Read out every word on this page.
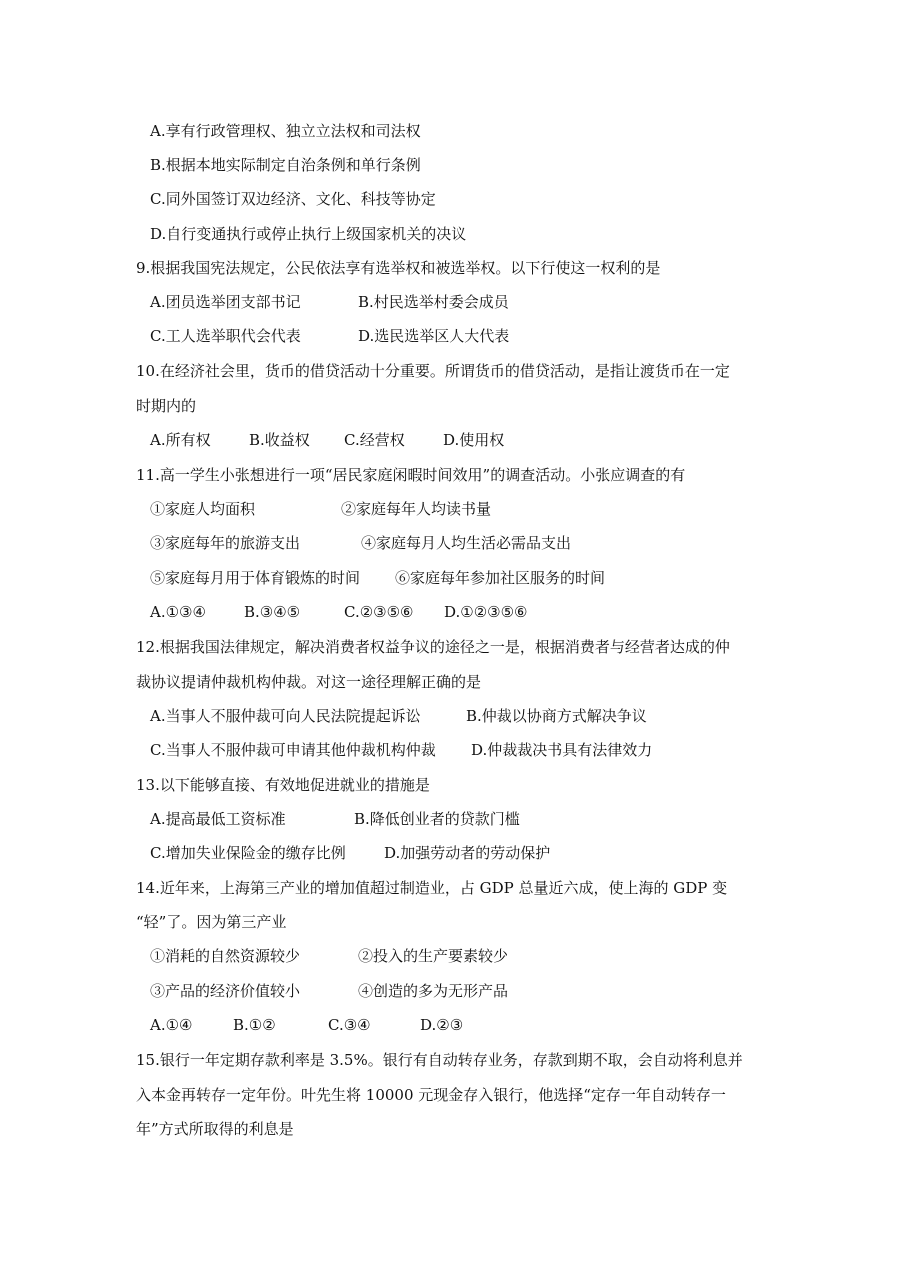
A.享有行政管理权、独立立法权和司法权
B.根据本地实际制定自治条例和单行条例
C.同外国签订双边经济、文化、科技等协定
D.自行变通执行或停止执行上级国家机关的决议
9.根据我国宪法规定，公民依法享有选举权和被选举权。以下行使这一权利的是
A.团员选举团支部书记	B.村民选举村委会成员
C.工人选举职代会代表	D.选民选举区人大代表
10.在经济社会里，货币的借贷活动十分重要。所谓货币的借贷活动，是指让渡货币在一定
时期内的
A.所有权	B.收益权 C.经营权	D.使用权
11.高一学生小张想进行一项“居民家庭闲暇时间效用”的调查活动。小张应调查的有
①家庭人均面积	②家庭每年人均读书量
③家庭每年的旅游支出	④家庭每月人均生活必需品支出
⑤家庭每月用于体育锻炼的时间 ⑥家庭每年参加社区服务的时间
A.①③④	B.③④⑤	C.②③⑤⑥ D.①②③⑤⑥
12.根据我国法律规定，解决消费者权益争议的途径之一是，根据消费者与经营者达成的仲
裁协议提请仲裁机构仲裁。对这一途径理解正确的是
A.当事人不服仲裁可向人民法院提起诉讼	B.仲裁以协商方式解决争议
C.当事人不服仲裁可申请其他仲裁机构仲裁 D.仲裁裁决书具有法律效力
13.以下能够直接、有效地促进就业的措施是
A.提高最低工资标准	B.降低创业者的贷款门槛
C.增加失业保险金的缴存比例	D.加强劳动者的劳动保护
14.近年来，上海第三产业的增加值超过制造业，占 GDP 总量近六成，使上海的 GDP 变
“轻”了。因为第三产业
①消耗的自然资源较少	②投入的生产要素较少
③产品的经济价值较小	④创造的多为无形产品
A.①④	B.①②	C.③④	D.②③
15.银行一年定期存款利率是 3.5%。银行有自动转存业务，存款到期不取，会自动将利息并
入本金再转存一定年份。叶先生将 10000 元现金存入银行，他选择“定存一年自动转存一
年”方式所取得的利息是
